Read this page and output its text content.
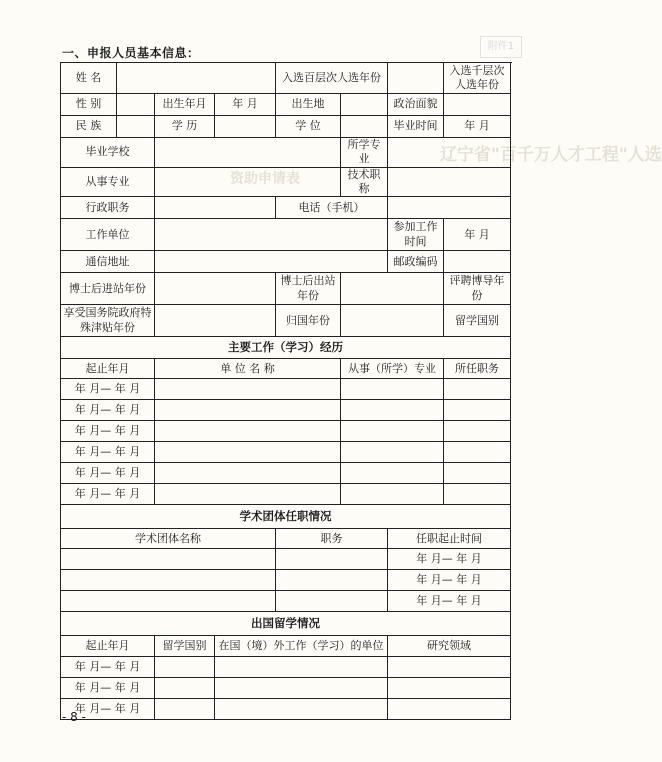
附件1
辽宁省"百千万人才工程"人选
资助申请表
一、申报人员基本信息：
姓 名				入选百层次人选年份			入选千层次人选年份	
性 别		出生年月	年 月	出生地		政治面貌		
民 族		学 历		学 位		毕业时间	年 月	
毕业学校					所学专业			
从事专业					技术职称			
行政职务				电话（手机）				
工作单位						参加工作时间	年 月	
通信地址						邮政编码		
博士后进站年份				博士后出站年份			评聘博导年份	
享受国务院政府特殊津贴年份				归国年份			留学国别	
主要工作（学习）经历								
起止年月		单 位 名 称			从事（所学）专业		所任职务	
年 月— 年 月								
年 月— 年 月								
年 月— 年 月								
年 月— 年 月								
年 月— 年 月								
年 月— 年 月								
学术团体任职情况								
学术团体名称				职务		任职起止时间		
						年 月— 年 月		
						年 月— 年 月		
						年 月— 年 月		
出国留学情况								
起止年月		留学国别	在国（境）外工作（学习）的单位			研究领域		
年 月— 年 月								
年 月— 年 月								
年 月— 年 月								
- 8 -
